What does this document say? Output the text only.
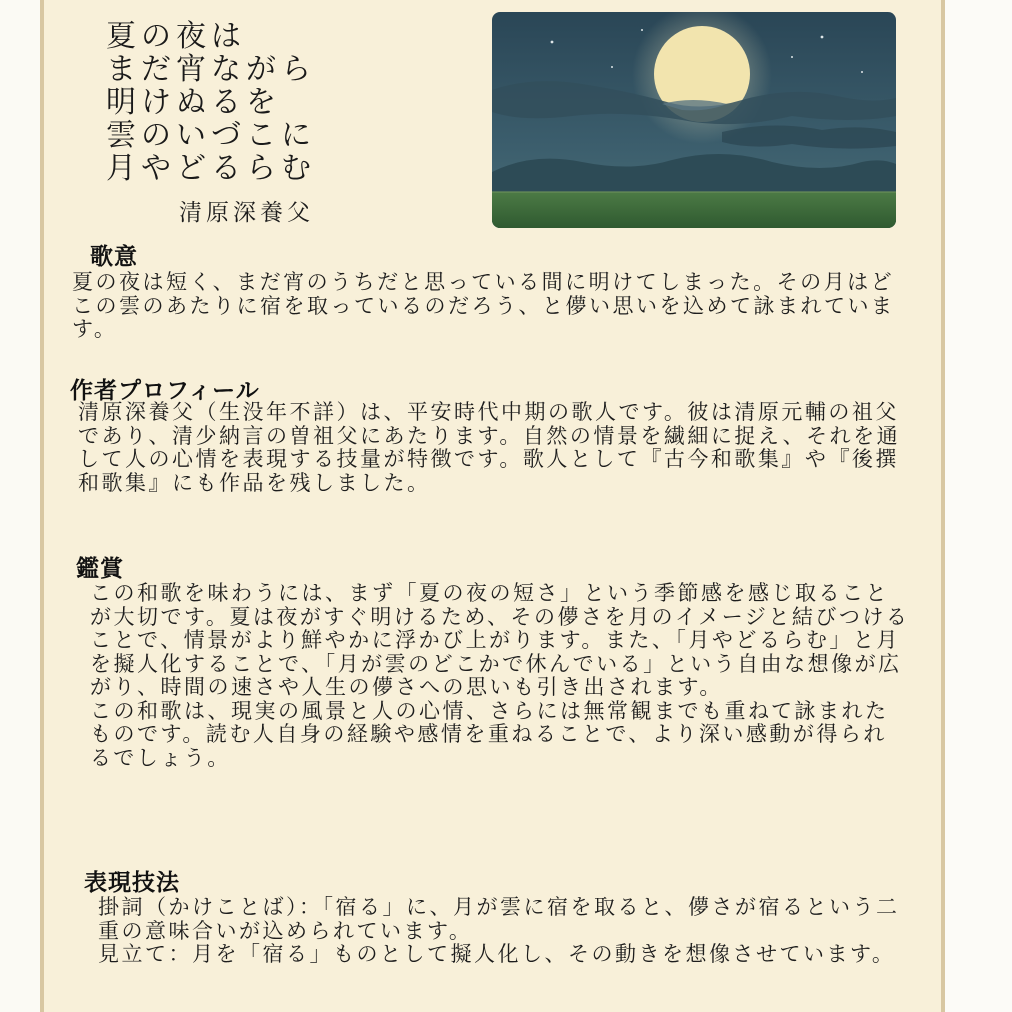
夏の夜は
まだ宵ながら
明けぬるを
雲のいづこに
月やどるらむ
清原深養父
歌意

夏の夜は短く、まだ宵のうちだと思っている間に明けてしまった。その月はどこの雲のあたりに宿を取っているのだろう、と儚い思いを込めて詠まれています。

作者プロフィール

清原深養父（生没年不詳）は、平安時代中期の歌人です。彼は清原元輔の祖父であり、清少納言の曽祖父にあたります。自然の情景を繊細に捉え、それを通して人の心情を表現する技量が特徴です。歌人として『古今和歌集』や『後撰和歌集』にも作品を残しました。

鑑賞

この和歌を味わうには、まず「夏の夜の短さ」という季節感を感じ取ることが大切です。夏は夜がすぐ明けるため、その儚さを月のイメージと結びつけることで、情景がより鮮やかに浮かび上がります。また、「月やどるらむ」と月を擬人化することで、「月が雲のどこかで休んでいる」という自由な想像が広がり、時間の速さや人生の儚さへの思いも引き出されます。

この和歌は、現実の風景と人の心情、さらには無常観までも重ねて詠まれたものです。読む人自身の経験や感情を重ねることで、より深い感動が得られるでしょう。

表現技法

掛詞（かけことば）：「宿る」に、月が雲に宿を取ると、儚さが宿るという二重の意味合いが込められています。

見立て：月を「宿る」ものとして擬人化し、その動きを想像させています。
